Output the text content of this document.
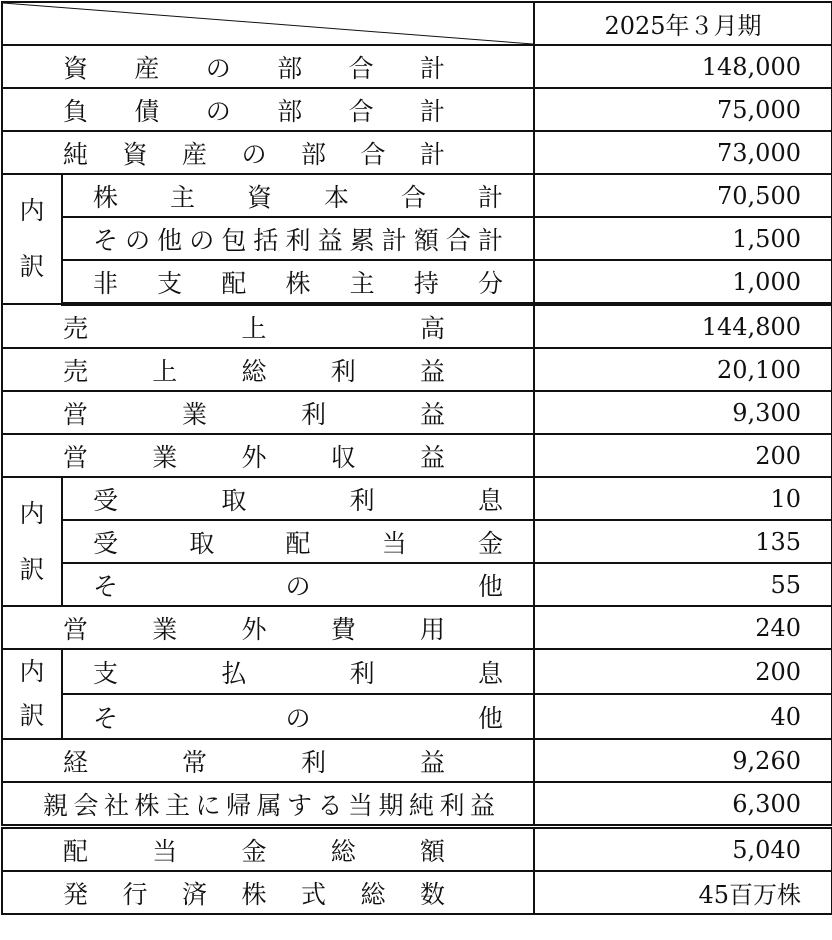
	2025年３月期

資産の部合計		148,000

負債の部合計		75,000

純資産の部合計		73,000
内訳	株主資本合計	70,500

	その他の包括利益累計額合計	1,500

	非支配株主持分	1,000

売上高		144,800

売上総利益		20,100

営業利益		9,300

営業外収益		200
内訳	受取利息	10

	受取配当金	135

	その他	55

営業外費用		240
内訳	支払利息	200

	その他	40

経常利益		9,260

親会社株主に帰属する当期純利益		6,300

配当金総額		5,040

発行済株式総数		45百万株
